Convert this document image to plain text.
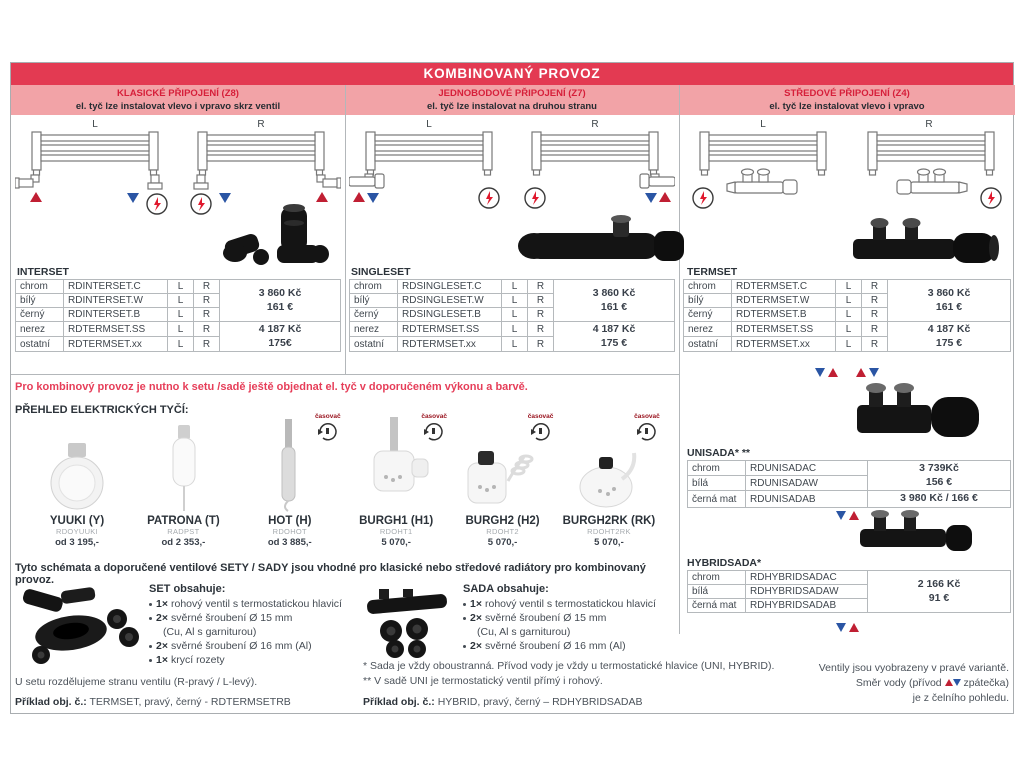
KOMBINOVANÝ PROVOZ
KLASICKÉ PŘIPOJENÍ (Z8)
el. tyč lze instalovat vlevo i vpravo skrz ventil
JEDNOBODOVÉ PŘIPOJENÍ (Z7)
el. tyč lze instalovat na druhou stranu
STŘEDOVÉ PŘIPOJENÍ (Z4)
el. tyč lze instalovat vlevo i vpravo
L	R
INTERSET
chrom	RDINTERSET.C	L	R	3 860 Kč
161 €

bílý	RDINTERSET.W	L	R	
černý	RDINTERSET.B	L	R	
nerez	RDTERMSET.SS	L	R	4 187 Kč
175€

ostatní	RDTERMSET.xx	L	R	
L	R
SINGLESET
chrom	RDSINGLESET.C	L	R	3 860 Kč
161 €

bílý	RDSINGLESET.W	L	R	
černý	RDSINGLESET.B	L	R	
nerez	RDTERMSET.SS	L	R	4 187 Kč
175 €

ostatní	RDTERMSET.xx	L	R	
L	R
TERMSET
chrom	RDTERMSET.C	L	R	3 860 Kč
161 €

bílý	RDTERMSET.W	L	R	
černý	RDTERMSET.B	L	R	
nerez	RDTERMSET.SS	L	R	4 187 Kč
175 €

ostatní	RDTERMSET.xx	L	R	
Pro kombinový provoz je nutno k setu /sadě ještě objednat el. tyč v doporučeném výkonu a barvě.
PŘEHLED ELEKTRICKÝCH TYČÍ:
YUUKI (Y)
RDOYUUKI
od 3 195,-
PATRONA (T)
RADPST
od 2 353,-
časovač
HOT (H)
RDOHOT
od 3 885,-
časovač
BURGH1 (H1)
RDOHT1
5 070,-
časovač
BURGH2 (H2)
RDOHT2
5 070,-
časovač
BURGH2RK (RK)
RDOHT2RK
5 070,-
Tyto schémata a doporučené ventilové SETY / SADY jsou vhodné pro klasické nebo středové radiátory pro kombinovaný provoz.
SET obsahuje:
1× rohový ventil s termostatickou hlavicí
2× svěrné šroubení Ø 15 mm
(Cu, Al s garniturou)
2× svěrné šroubení Ø 16 mm (Al)
1× krycí rozety
SADA obsahuje:
1× rohový ventil s termostatickou hlavicí
2× svěrné šroubení Ø 15 mm
(Cu, Al s garniturou)
2× svěrné šroubení Ø 16 mm (Al)
U setu rozdělujeme stranu ventilu (R-pravý / L-levý).
Příklad obj. č.: TERMSET, pravý, černý - RDTERMSETRB
* Sada je vždy oboustranná. Přívod vody je vždy u termostatické hlavice (UNI, HYBRID).
** V sadě UNI je termostatický ventil přímý i rohový.
Příklad obj. č.: HYBRID, pravý, černý – RDHYBRIDSADAB
Ventily jsou vyobrazeny v pravé variantě.
Směr vody (přívod zpátečka)
je z čelního pohledu.
UNISADA* **
chrom	RDUNISADAC	3 739Kč
156 €

bílá	RDUNISADAW	
černá mat	RDUNISADAB	3 980 Kč / 166 €
HYBRIDSADA*
chrom	RDHYBRIDSADAC	2 166 Kč
91 €

bílá	RDHYBRIDSADAW	
černá mat	RDHYBRIDSADAB	
